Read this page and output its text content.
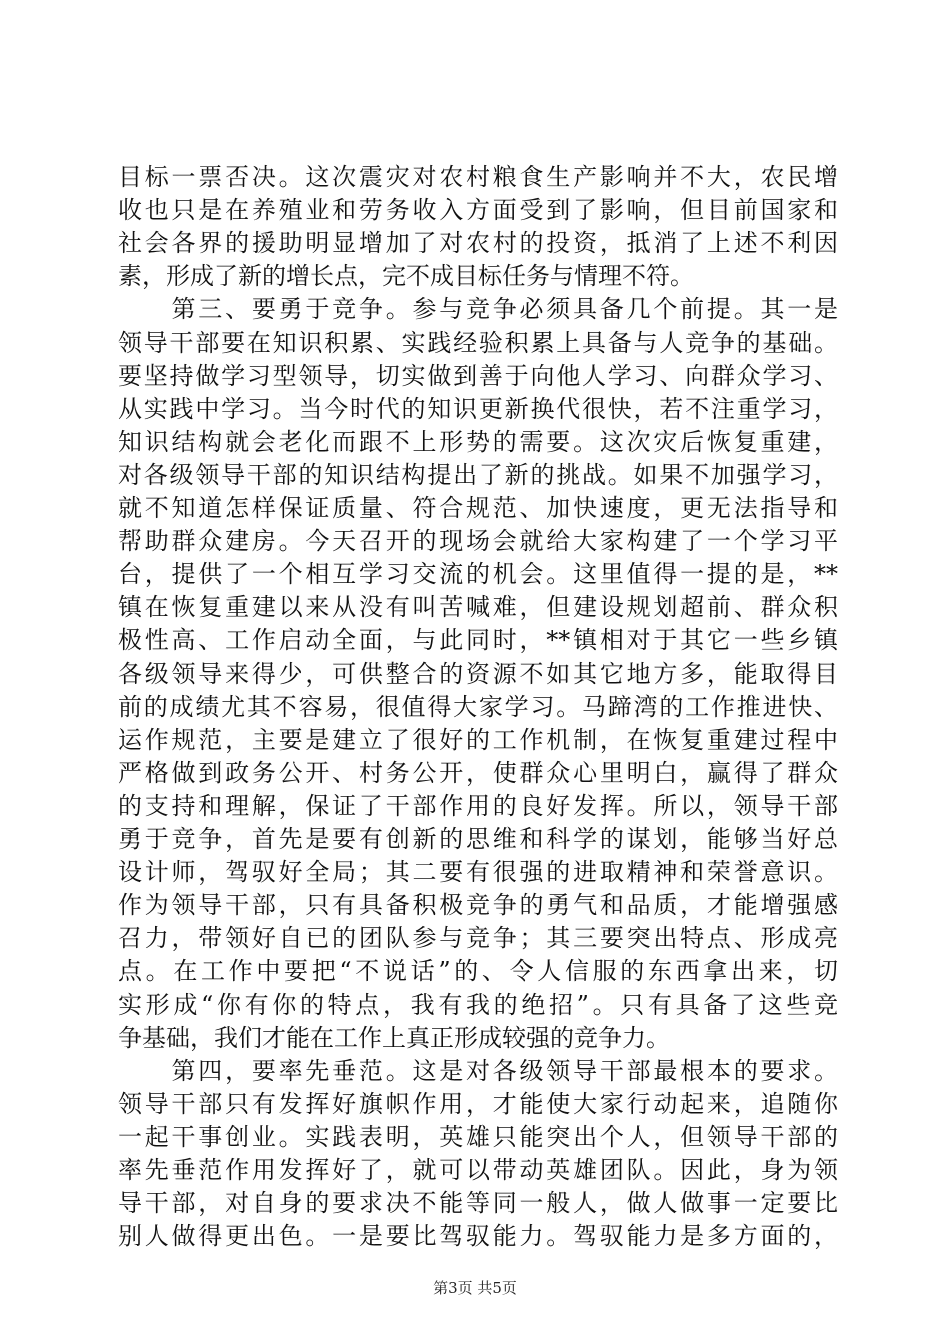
目标一票否决。这次震灾对农村粮食生产影响并不大，农民增
收也只是在养殖业和劳务收入方面受到了影响，但目前国家和
社会各界的援助明显增加了对农村的投资，抵消了上述不利因
素，形成了新的增长点，完不成目标任务与情理不符。
　　第三、要勇于竞争。参与竞争必须具备几个前提。其一是
领导干部要在知识积累、实践经验积累上具备与人竞争的基础。
要坚持做学习型领导，切实做到善于向他人学习、向群众学习、
从实践中学习。当今时代的知识更新换代很快，若不注重学习，
知识结构就会老化而跟不上形势的需要。这次灾后恢复重建，
对各级领导干部的知识结构提出了新的挑战。如果不加强学习，
就不知道怎样保证质量、符合规范、加快速度，更无法指导和
帮助群众建房。今天召开的现场会就给大家构建了一个学习平
台，提供了一个相互学习交流的机会。这里值得一提的是，**
镇在恢复重建以来从没有叫苦喊难，但建设规划超前、群众积
极性高、工作启动全面，与此同时，**镇相对于其它一些乡镇
各级领导来得少，可供整合的资源不如其它地方多，能取得目
前的成绩尤其不容易，很值得大家学习。马蹄湾的工作推进快、
运作规范，主要是建立了很好的工作机制，在恢复重建过程中
严格做到政务公开、村务公开，使群众心里明白，赢得了群众
的支持和理解，保证了干部作用的良好发挥。所以，领导干部
勇于竞争，首先是要有创新的思维和科学的谋划，能够当好总
设计师，驾驭好全局；其二要有很强的进取精神和荣誉意识。
作为领导干部，只有具备积极竞争的勇气和品质，才能增强感
召力，带领好自已的团队参与竞争；其三要突出特点、形成亮
点。在工作中要把“不说话”的、令人信服的东西拿出来，切
实形成“你有你的特点，我有我的绝招”。只有具备了这些竞
争基础，我们才能在工作上真正形成较强的竞争力。
　　第四，要率先垂范。这是对各级领导干部最根本的要求。
领导干部只有发挥好旗帜作用，才能使大家行动起来，追随你
一起干事创业。实践表明，英雄只能突出个人，但领导干部的
率先垂范作用发挥好了，就可以带动英雄团队。因此，身为领
导干部，对自身的要求决不能等同一般人，做人做事一定要比
别人做得更出色。一是要比驾驭能力。驾驭能力是多方面的，
第3页 共5页
